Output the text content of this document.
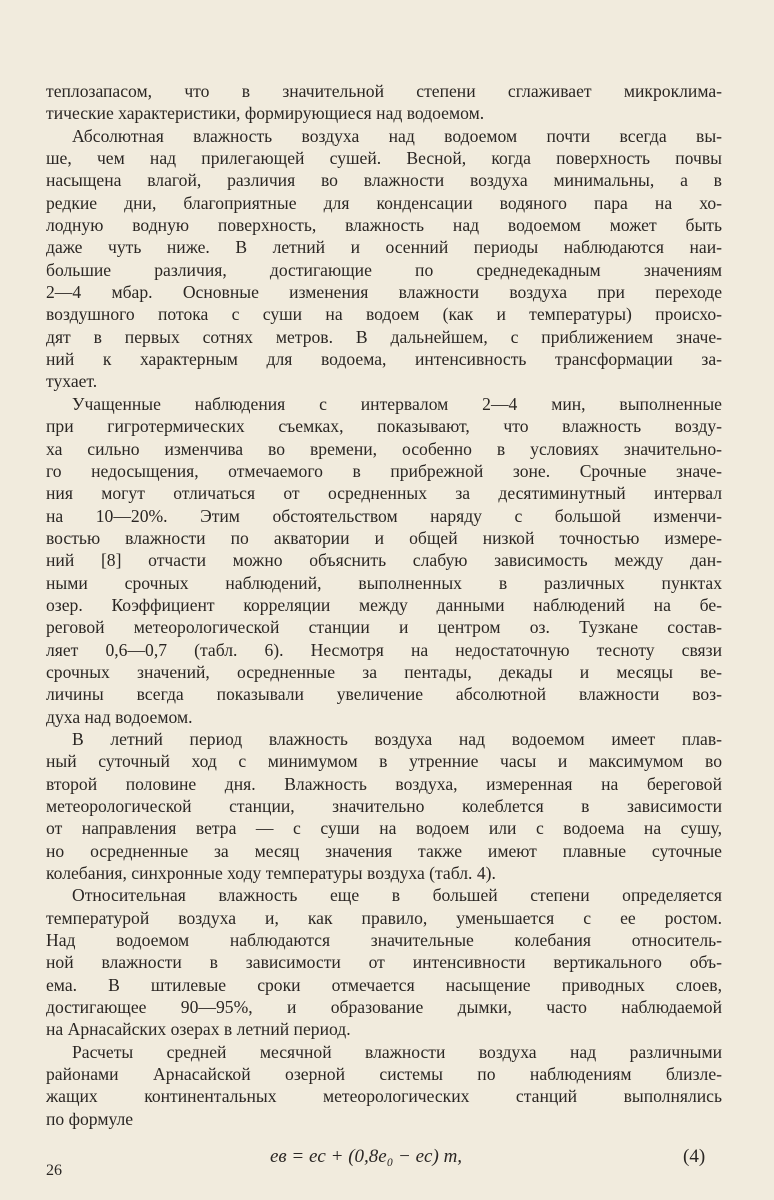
теплозапасом, что в значительной степени сглаживает микроклима-
тические характеристики, формирующиеся над водоемом.
Абсолютная влажность воздуха над водоемом почти всегда вы-
ше, чем над прилегающей сушей. Весной, когда поверхность почвы
насыщена влагой, различия во влажности воздуха минимальны, а в
редкие дни, благоприятные для конденсации водяного пара на хо-
лодную водную поверхность, влажность над водоемом может быть
даже чуть ниже. В летний и осенний периоды наблюдаются наи-
большие различия, достигающие по среднедекадным значениям
2—4 мбар. Основные изменения влажности воздуха при переходе
воздушного потока с суши на водоем (как и температуры) происхо-
дят в первых сотнях метров. В дальнейшем, с приближением значе-
ний к характерным для водоема, интенсивность трансформации за-
тухает.
Учащенные наблюдения с интервалом 2—4 мин, выполненные
при гигротермических съемках, показывают, что влажность возду-
ха сильно изменчива во времени, особенно в условиях значительно-
го недосыщения, отмечаемого в прибрежной зоне. Срочные значе-
ния могут отличаться от осредненных за десятиминутный интервал
на 10—20%. Этим обстоятельством наряду с большой изменчи-
востью влажности по акватории и общей низкой точностью измере-
ний [8] отчасти можно объяснить слабую зависимость между дан-
ными срочных наблюдений, выполненных в различных пунктах
озер. Коэффициент корреляции между данными наблюдений на бе-
реговой метеорологической станции и центром оз. Тузкане состав-
ляет 0,6—0,7 (табл. 6). Несмотря на недостаточную тесноту связи
срочных значений, осредненные за пентады, декады и месяцы ве-
личины всегда показывали увеличение абсолютной влажности воз-
духа над водоемом.
В летний период влажность воздуха над водоемом имеет плав-
ный суточный ход с минимумом в утренние часы и максимумом во
второй половине дня. Влажность воздуха, измеренная на береговой
метеорологической станции, значительно колеблется в зависимости
от направления ветра — с суши на водоем или с водоема на сушу,
но осредненные за месяц значения также имеют плавные суточные
колебания, синхронные ходу температуры воздуха (табл. 4).
Относительная влажность еще в большей степени определяется
температурой воздуха и, как правило, уменьшается с ее ростом.
Над водоемом наблюдаются значительные колебания относитель-
ной влажности в зависимости от интенсивности вертикального объ-
ема. В штилевые сроки отмечается насыщение приводных слоев,
достигающее 90—95%, и образование дымки, часто наблюдаемой
на Арнасайских озерах в летний период.
Расчеты средней месячной влажности воздуха над различными
районами Арнасайской озерной системы по наблюдениям близле-
жащих континентальных метеорологических станций выполнялись
по формуле
eв = eс + (0,8e₀ − eс) m,	(4)
26
